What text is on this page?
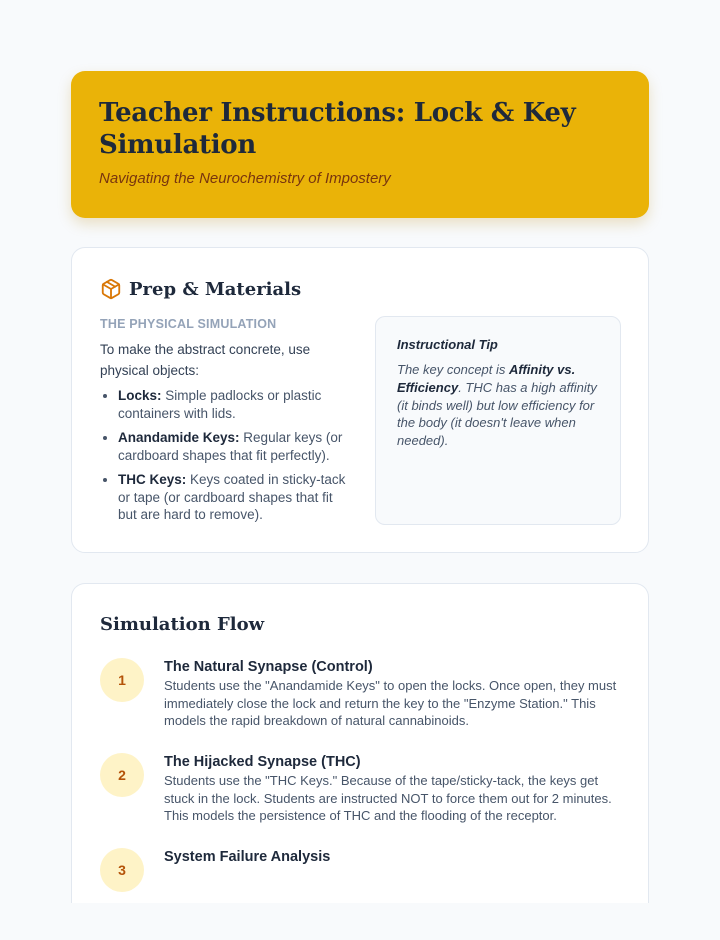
Teacher Instructions: Lock & Key Simulation
Navigating the Neurochemistry of Impostery
Prep & Materials
THE PHYSICAL SIMULATION
To make the abstract concrete, use physical objects:
• Locks: Simple padlocks or plastic containers with lids.
• Anandamide Keys: Regular keys (or cardboard shapes that fit perfectly).
• THC Keys: Keys coated in sticky-tack or tape (or cardboard shapes that fit but are hard to remove).
Instructional Tip
The key concept is Affinity vs. Efficiency. THC has a high affinity (it binds well) but low efficiency for the body (it doesn't leave when needed).
Simulation Flow
1
The Natural Synapse (Control)
Students use the "Anandamide Keys" to open the locks. Once open, they must immediately close the lock and return the key to the "Enzyme Station." This models the rapid breakdown of natural cannabinoids.
2
The Hijacked Synapse (THC)
Students use the "THC Keys." Because of the tape/sticky-tack, the keys get stuck in the lock. Students are instructed NOT to force them out for 2 minutes. This models the persistence of THC and the flooding of the receptor.
3
System Failure Analysis
